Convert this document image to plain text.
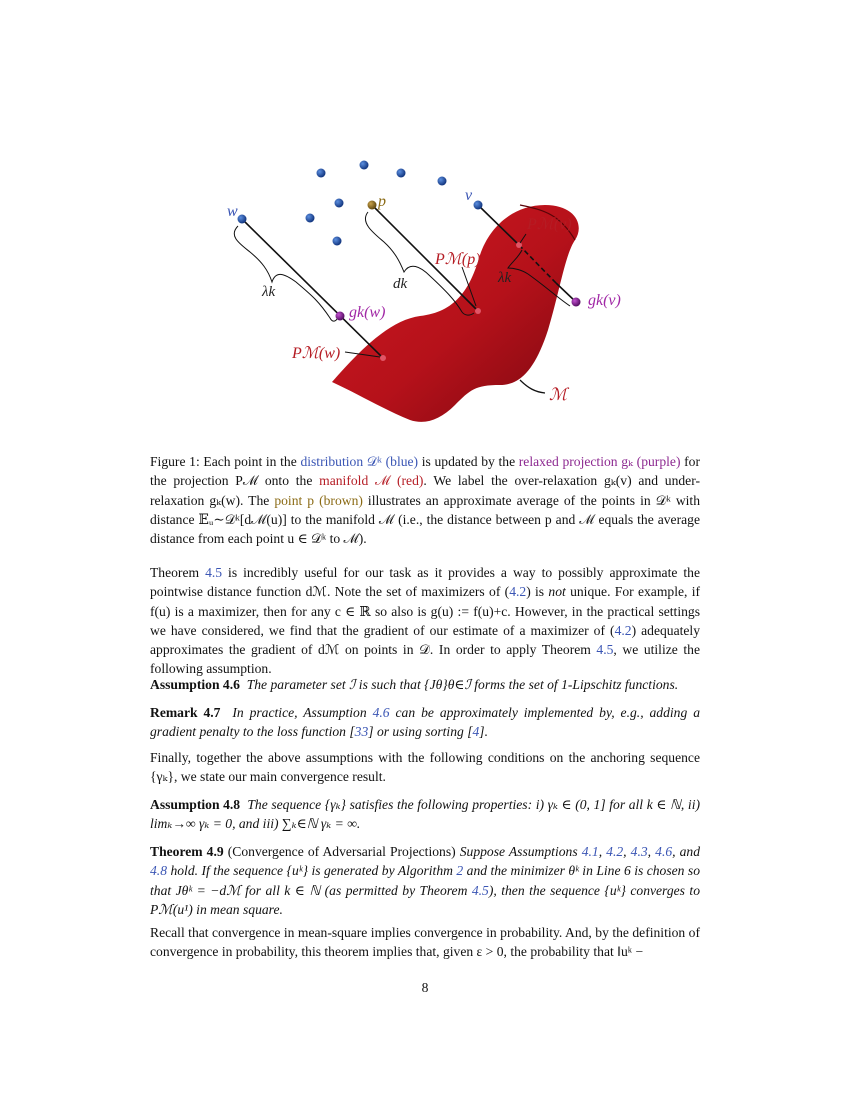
w
p	v
Pℳ(v)
Pℳ(p)
Pℳ(w)
gk(w)
gk(v)
λk
λk
dk
ℳ
Figure 1: Each point in the distribution 𝒟ᵏ (blue) is updated by the relaxed projection gₖ (purple) for the projection Pℳ onto the manifold ℳ (red). We label the over-relaxation gₖ(v) and under-relaxation gₖ(w). The point p (brown) illustrates an approximate average of the points in 𝒟ᵏ with distance 𝔼ᵤ∼𝒟ᵏ[dℳ(u)] to the manifold ℳ (i.e., the distance between p and ℳ equals the average distance from each point u ∈ 𝒟ᵏ to ℳ).

Theorem 4.5 is incredibly useful for our task as it provides a way to possibly approximate the pointwise distance function dℳ. Note the set of maximizers of (4.2) is not unique. For example, if f(u) is a maximizer, then for any c ∈ ℝ so also is g(u) := f(u)+c. However, in the practical settings we have considered, we find that the gradient of our estimate of a maximizer of (4.2) adequately approximates the gradient of dℳ on points in 𝒟. In order to apply Theorem 4.5, we utilize the following assumption.

Assumption 4.6 The parameter set ℐ is such that {Jθ}θ∈ℐ forms the set of 1-Lipschitz functions.

Remark 4.7 In practice, Assumption 4.6 can be approximately implemented by, e.g., adding a gradient penalty to the loss function [33] or using sorting [4].

Finally, together the above assumptions with the following conditions on the anchoring sequence {γₖ}, we state our main convergence result.

Assumption 4.8 The sequence {γₖ} satisfies the following properties: i) γₖ ∈ (0, 1] for all k ∈ ℕ, ii) limₖ→∞ γₖ = 0, and iii) ∑ₖ∈ℕ γₖ = ∞.

Theorem 4.9 (Convergence of Adversarial Projections) Suppose Assumptions 4.1, 4.2, 4.3, 4.6, and 4.8 hold. If the sequence {uᵏ} is generated by Algorithm 2 and the minimizer θᵏ in Line 6 is chosen so that Jθᵏ = −dℳ for all k ∈ ℕ (as permitted by Theorem 4.5), then the sequence {uᵏ} converges to Pℳ(u¹) in mean square.

Recall that convergence in mean-square implies convergence in probability. And, by the definition of convergence in probability, this theorem implies that, given ε > 0, the probability that ‖uᵏ −

8
